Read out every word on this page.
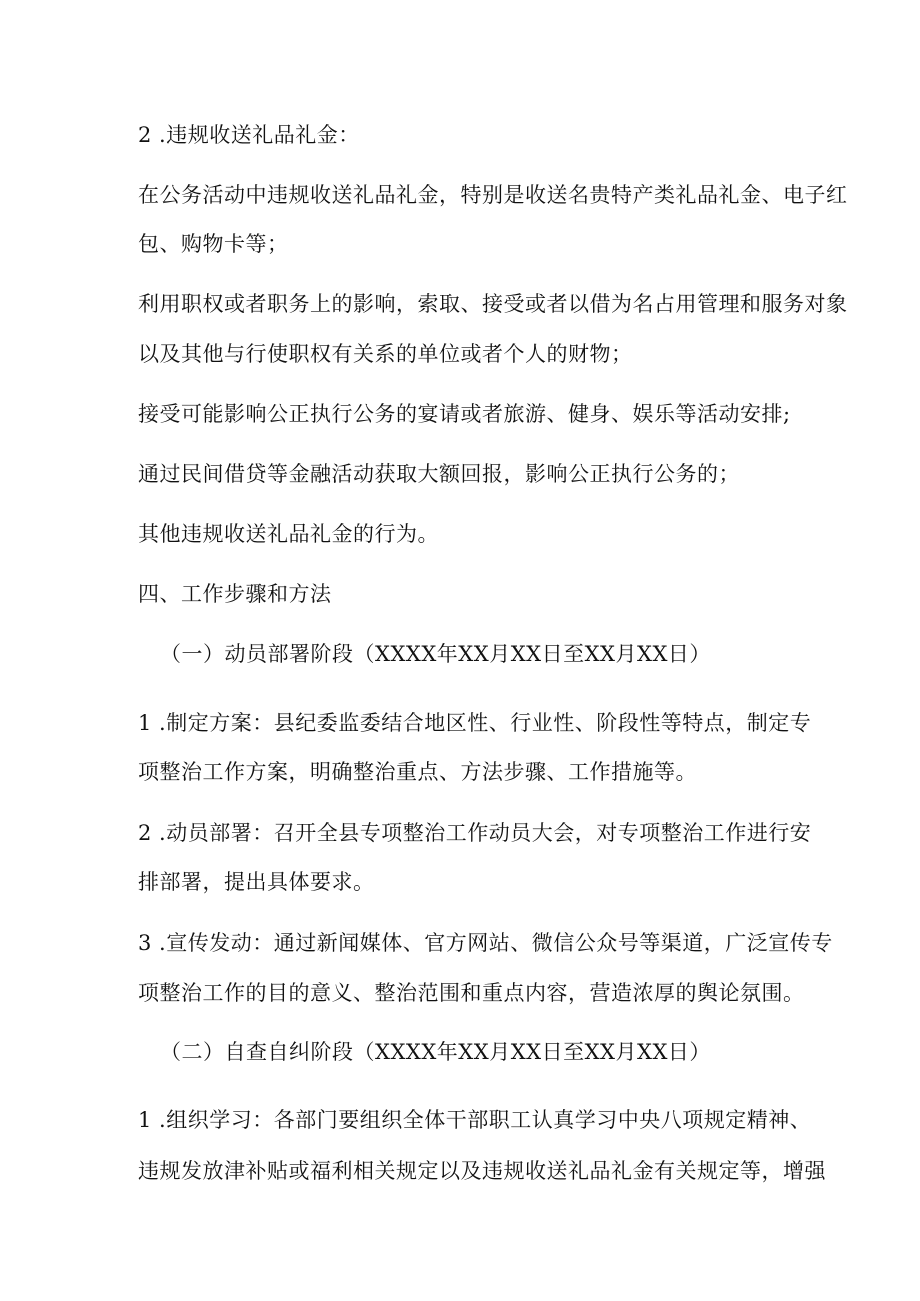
2 .违规收送礼品礼金：
在公务活动中违规收送礼品礼金，特别是收送名贵特产类礼品礼金、电子红
包、购物卡等；
利用职权或者职务上的影响，索取、接受或者以借为名占用管理和服务对象
以及其他与行使职权有关系的单位或者个人的财物；
接受可能影响公正执行公务的宴请或者旅游、健身、娱乐等活动安排;
通过民间借贷等金融活动获取大额回报，影响公正执行公务的；
其他违规收送礼品礼金的行为。
四、工作步骤和方法
（一）动员部署阶段（XXXX年XX月XX日至XX月XX日）
1 .制定方案：县纪委监委结合地区性、行业性、阶段性等特点，制定专
项整治工作方案，明确整治重点、方法步骤、工作措施等。
2 .动员部署：召开全县专项整治工作动员大会，对专项整治工作进行安
排部署，提出具体要求。
3 .宣传发动：通过新闻媒体、官方网站、微信公众号等渠道，广泛宣传专
项整治工作的目的意义、整治范围和重点内容，营造浓厚的舆论氛围。
（二）自查自纠阶段（XXXX年XX月XX日至XX月XX日）
1 .组织学习：各部门要组织全体干部职工认真学习中央八项规定精神、
违规发放津补贴或福利相关规定以及违规收送礼品礼金有关规定等，增强
